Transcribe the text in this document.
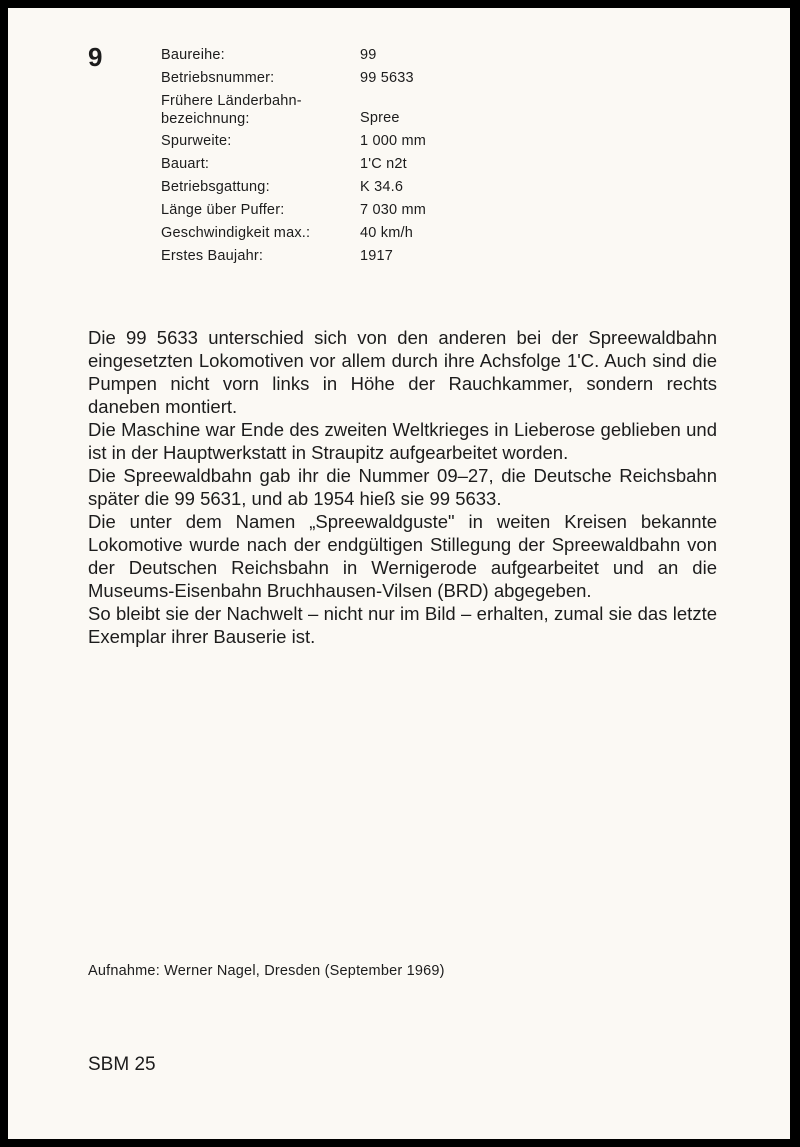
9	Baureihe:	99
Betriebsnummer:	99 5633
Frühere Länderbahn-
bezeichnung:	Spree
Spurweite:	1 000 mm
Bauart:	1'C n2t
Betriebsgattung:	K 34.6
Länge über Puffer:	7 030 mm
Geschwindigkeit max.:	40 km/h
Erstes Baujahr:	1917

Die 99 5633 unterschied sich von den anderen bei der Spreewaldbahn eingesetzten Lokomotiven vor allem durch ihre Achsfolge 1'C. Auch sind die Pumpen nicht vorn links in Höhe der Rauchkammer, sondern rechts daneben montiert.

Die Maschine war Ende des zweiten Weltkrieges in Lieberose geblieben und ist in der Hauptwerkstatt in Straupitz aufgearbeitet worden.

Die Spreewaldbahn gab ihr die Nummer 09–27, die Deutsche Reichsbahn später die 99 5631, und ab 1954 hieß sie 99 5633.

Die unter dem Namen „Spreewaldguste" in weiten Kreisen bekannte Lokomotive wurde nach der endgültigen Stillegung der Spreewaldbahn von der Deutschen Reichsbahn in Wernigerode aufgearbeitet und an die Museums-Eisenbahn Bruchhausen-Vilsen (BRD) abgegeben.

So bleibt sie der Nachwelt – nicht nur im Bild – erhalten, zumal sie das letzte Exemplar ihrer Bauserie ist.

Aufnahme: Werner Nagel, Dresden (September 1969)
SBM 25
